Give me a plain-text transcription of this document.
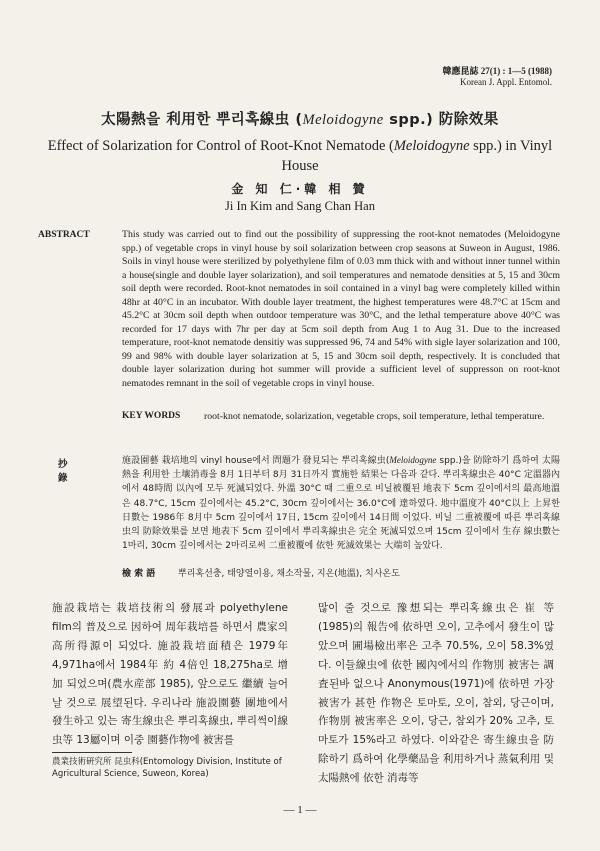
韓應昆誌 27(1) : 1—5 (1988)
Korean J. Appl. Entomol.
太陽熱을 利用한 뿌리혹線虫 (Meloidogyne spp.) 防除效果
Effect of Solarization for Control of Root-Knot Nematode (Meloidogyne spp.) in Vinyl House
金 知 仁·韓 相 贊
Ji In Kim and Sang Chan Han
ABSTRACT	This study was carried out to find out the possibility of suppressing the root-knot nematodes (Meloidogyne spp.) of vegetable crops in vinyl house by soil solarization between crop seasons at Suweon in August, 1986. Soils in vinyl house were sterilized by polyethylene film of 0.03 mm thick with and without inner tunnel within a house(single and double layer solarization), and soil temperatures and nematode densities at 5, 15 and 30cm soil depth were recorded. Root-knot nematodes in soil contained in a vinyl bag were completely killed within 48hr at 40°C in an incubator. With double layer treatment, the highest temperatures were 48.7°C at 15cm and 45.2°C at 30cm soil depth when outdoor temperature was 30°C, and the lethal temperature above 40°C was recorded for 17 days with 7hr per day at 5cm soil depth from Aug 1 to Aug 31. Due to the increased temperature, root-knot nematode densitiy was suppressed 96, 74 and 54% with sigle layer solarization and 100, 99 and 98% with double layer solarization at 5, 15 and 30cm soil depth, respectively. It is concluded that double layer solarization during hot summer will provide a sufficient level of suppresson on root-knot nematodes remnant in the soil of vegetable crops in vinyl house.
KEY WORDS root-knot nematode, solarization, vegetable crops, soil temperature, lethal temperature.
抄 錄
施設園藝 栽培地의 vinyl house에서 問題가 發見되는 뿌리혹線虫(Meloidogyne spp.)을 防除하기 爲하여 太陽熱을 利用한 土壤消毒을 8月 1日부터 8月 31日까지 實施한 結果는 다음과 같다. 뿌리혹線虫은 40°C 定溫器內에서 48時間 以內에 모두 死滅되었다. 外溫 30°C 때 二重으로 비닐被覆된 地表下 5cm 깊이에서의 最高地溫은 48.7°C, 15cm 깊이에서는 45.2°C, 30cm 깊이에서는 36.0°C에 達하였다. 地中溫度가 40°C以上 上昇한 日數는 1986年 8月中 5cm 깊이에서 17日, 15cm 깊이에서 14日間 이었다. 비닐 二重被覆에 따른 뿌리혹線虫의 防除效果를 보면 地表下 5cm 깊이에서 뿌리혹線虫은 完全 死滅되었으며 15cm 깊이에서 生存 線虫數는 1마리, 30cm 깊이에서는 2마리로써 二重被覆에 依한 死滅效果는 大端히 높았다.
檢 索 語	뿌리혹선충, 태양열이용, 채소작물, 지온(地溫), 치사온도
施設栽培는 栽培技術의 發展과 polyethylene film의 普及으로 因하여 周年栽培를 하면서 農家의 高所得源이 되었다. 施設栽培面積은 1979年 4,971ha에서 1984年 約 4倍인 18,275ha로 增加 되었으며(農水産部 1985), 앞으로도 繼續 늘어날 것으로 展望된다. 우리나라 施設園藝 團地에서 發生하고 있는 寄生線虫은 뿌리혹線虫, 뿌리썩이線虫等 13屬이며 이중 園藝作物에 被害를
많이 줄 것으로 豫想되는 뿌리혹線虫은 崔 等(1985)의 報告에 依하면 오이, 고추에서 發生이 많았으며 圃場檢出率은 고추 70.5%, 오이 58.3%였다. 이들線虫에 依한 國內에서의 作物別 被害는 調査된바 없으나 Anonymous(1971)에 依하면 가장 被害가 甚한 作物은 토마토, 오이, 참외, 당근이며, 作物別 被害率은 오이, 당근, 참외가 20% 고추, 토마토가 15%라고 하였다. 이와같은 寄生線虫을 防除하기 爲하여 化學藥品을 利用하거나 蒸氣利用 및 太陽熱에 依한 消毒等
農業技術硏究所 昆虫科(Entomology Division, Institute of Agricultural Science, Suweon, Korea)
— 1 —
